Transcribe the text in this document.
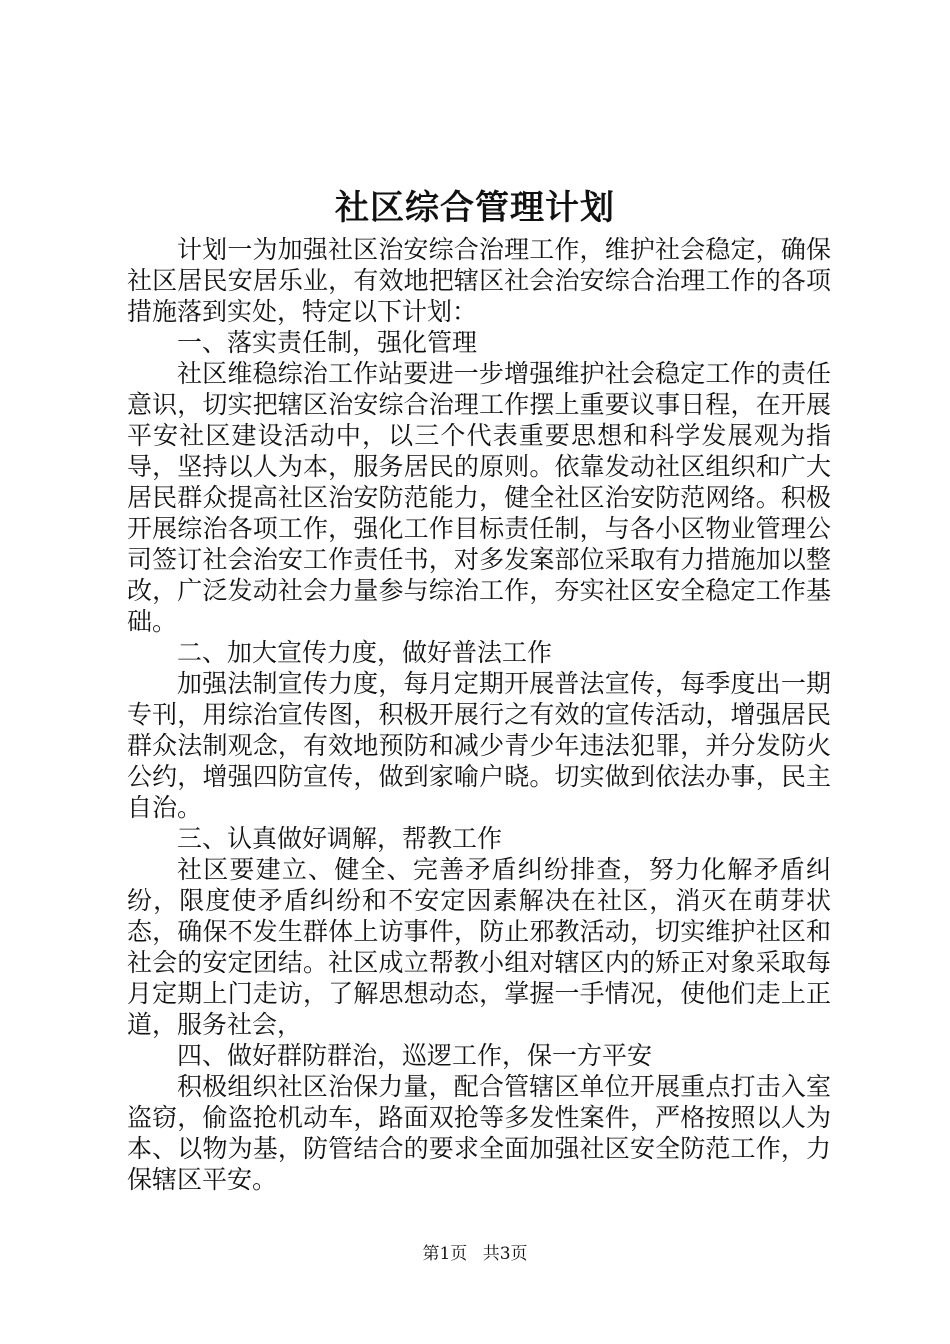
社区综合管理计划

计划一为加强社区治安综合治理工作，维护社会稳定，确保社区居民安居乐业，有效地把辖区社会治安综合治理工作的各项措施落到实处，特定以下计划：

一、落实责任制，强化管理

社区维稳综治工作站要进一步增强维护社会稳定工作的责任意识，切实把辖区治安综合治理工作摆上重要议事日程，在开展平安社区建设活动中，以三个代表重要思想和科学发展观为指导，坚持以人为本，服务居民的原则。依靠发动社区组织和广大居民群众提高社区治安防范能力，健全社区治安防范网络。积极开展综治各项工作，强化工作目标责任制，与各小区物业管理公司签订社会治安工作责任书，对多发案部位采取有力措施加以整改，广泛发动社会力量参与综治工作，夯实社区安全稳定工作基础。

二、加大宣传力度，做好普法工作

加强法制宣传力度，每月定期开展普法宣传，每季度出一期专刊，用综治宣传图，积极开展行之有效的宣传活动，增强居民群众法制观念，有效地预防和减少青少年违法犯罪，并分发防火公约，增强四防宣传，做到家喻户晓。切实做到依法办事，民主自治。

三、认真做好调解，帮教工作

社区要建立、健全、完善矛盾纠纷排查，努力化解矛盾纠纷，限度使矛盾纠纷和不安定因素解决在社区，消灭在萌芽状态，确保不发生群体上访事件，防止邪教活动，切实维护社区和社会的安定团结。社区成立帮教小组对辖区内的矫正对象采取每月定期上门走访，了解思想动态，掌握一手情况，使他们走上正道，服务社会，

四、做好群防群治，巡逻工作，保一方平安

积极组织社区治保力量，配合管辖区单位开展重点打击入室盗窃，偷盗抢机动车，路面双抢等多发性案件，严格按照以人为本、以物为基，防管结合的要求全面加强社区安全防范工作，力保辖区平安。

第1页 共3页
